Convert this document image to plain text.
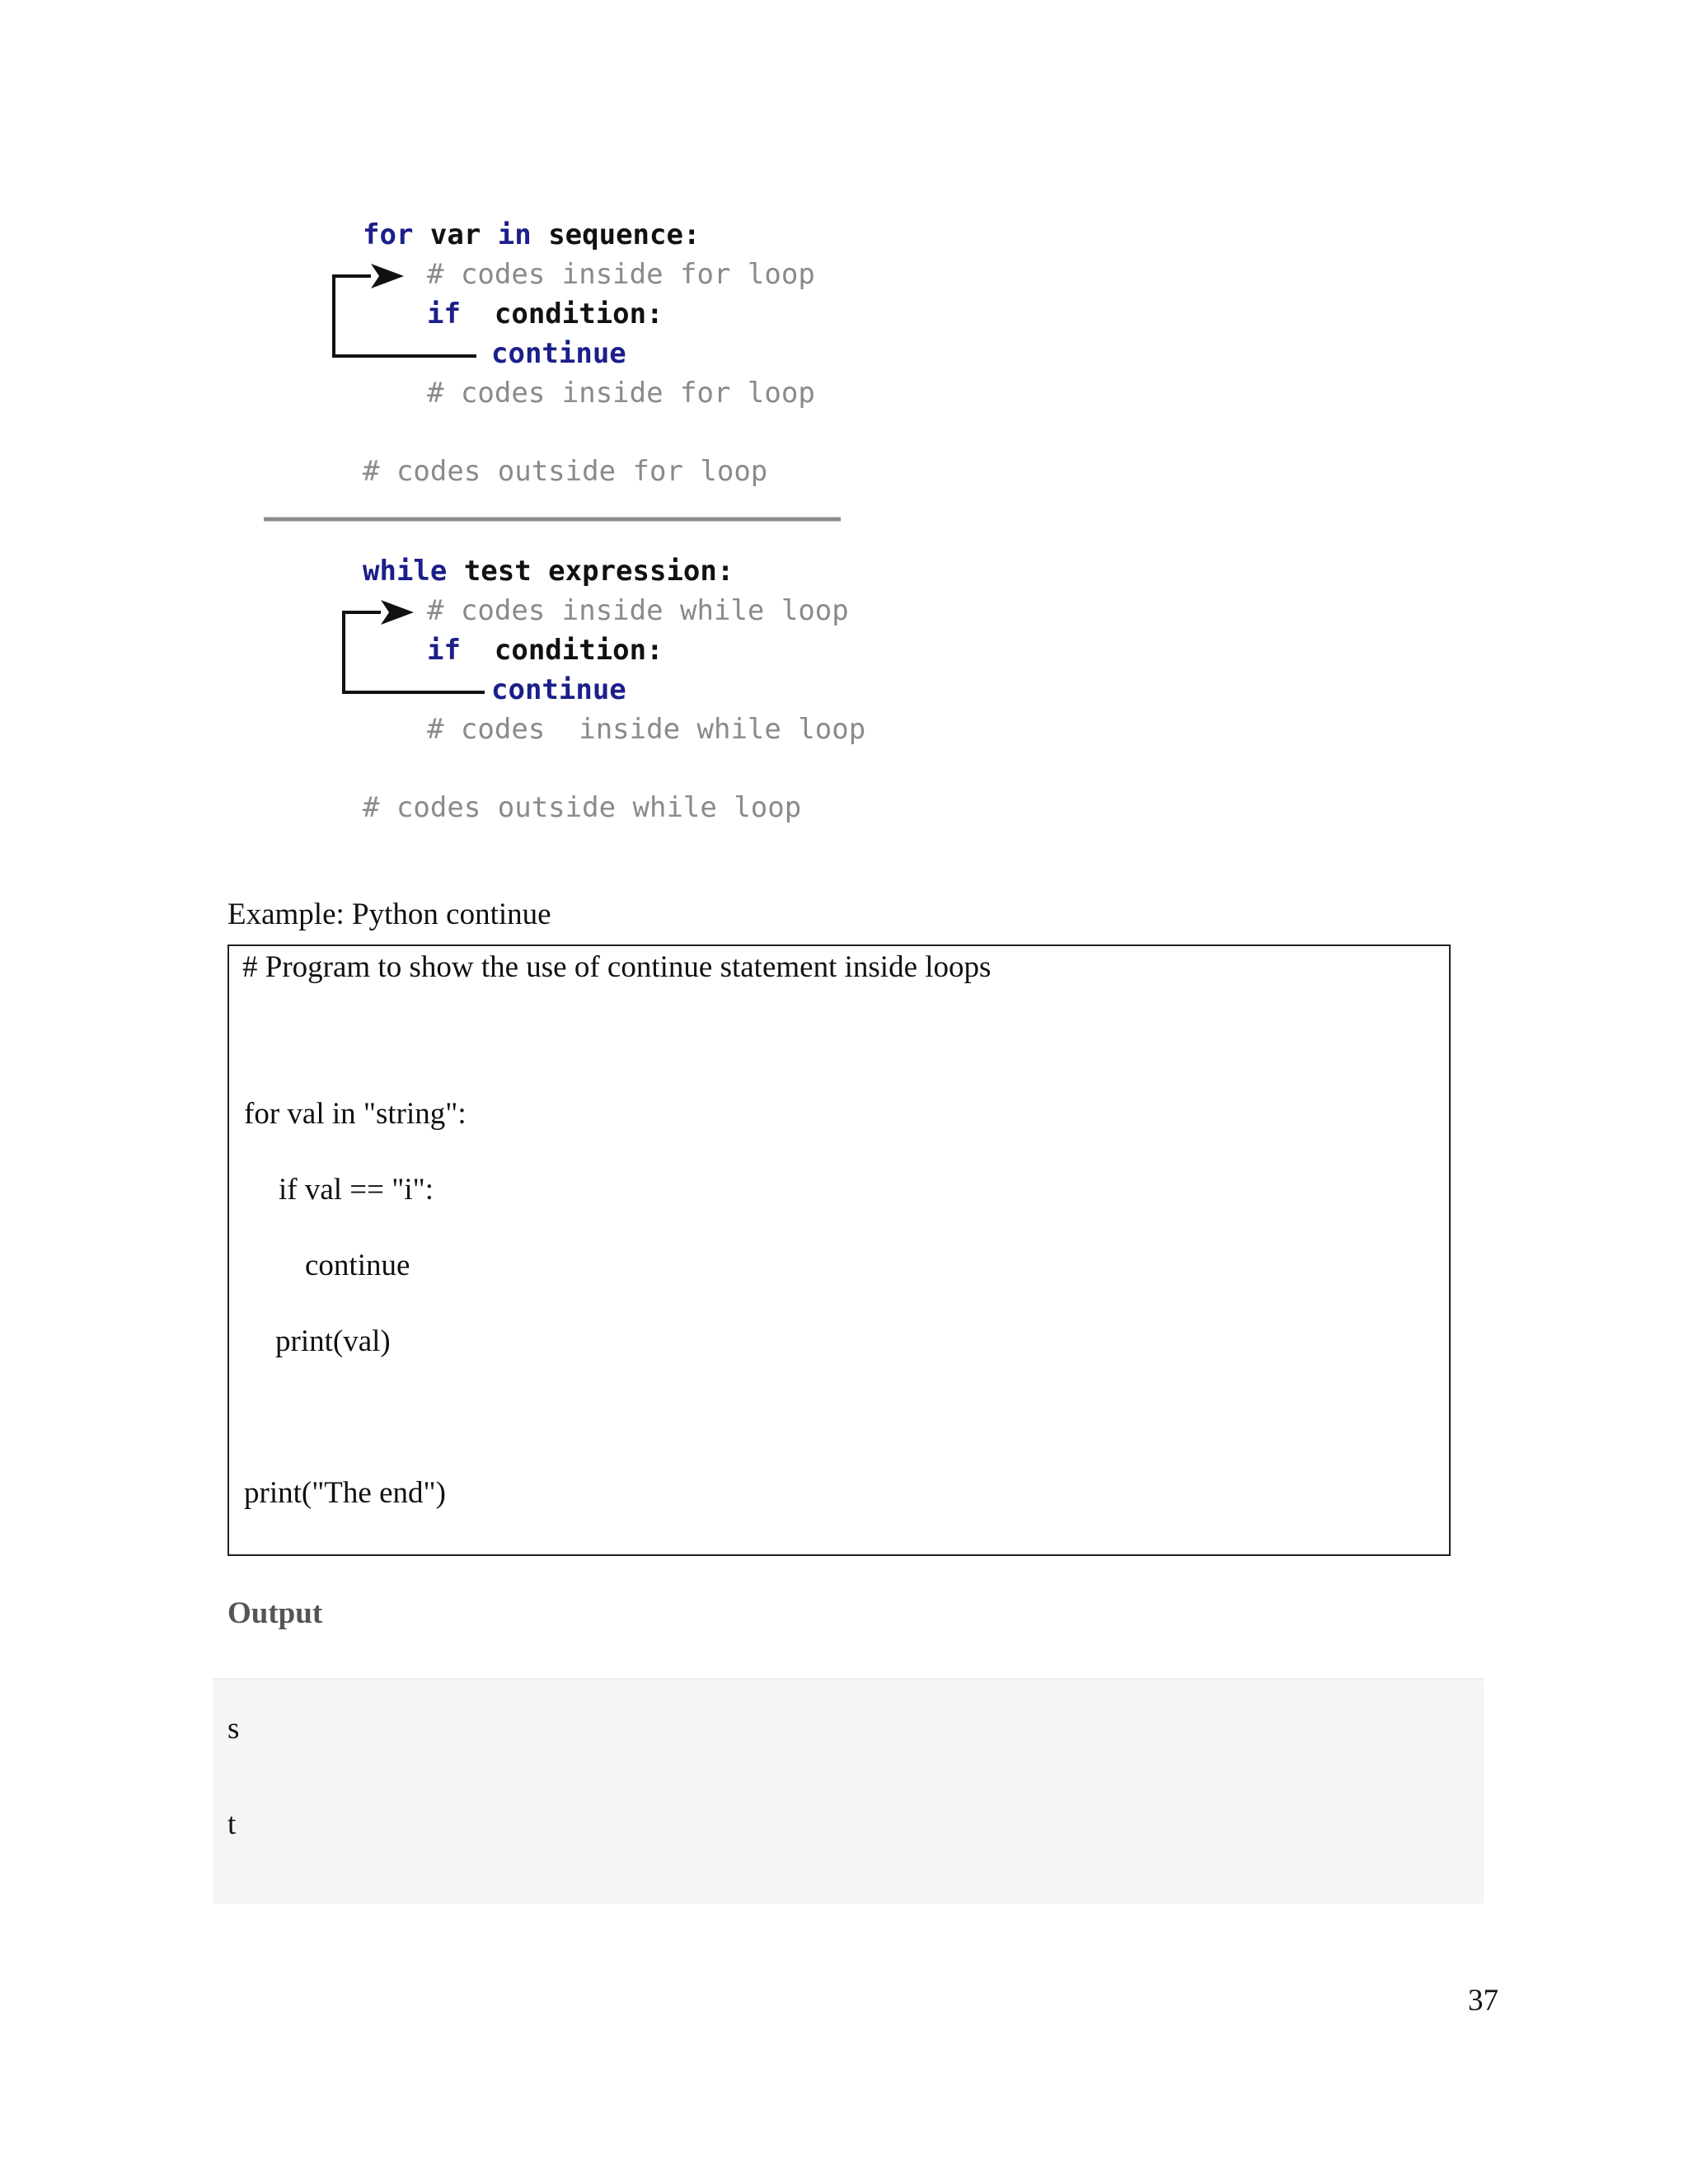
for var in sequence:
# codes inside for loop
if  condition:
continue
# codes inside for loop
# codes outside for loop
while test expression:
# codes inside while loop
if  condition:
continue
# codes  inside while loop
# codes outside while loop
Example: Python continue
# Program to show the use of continue statement inside loops
for val in "string":
if val == "i":
continue
print(val)
print("The end")
Output
s
t
37
